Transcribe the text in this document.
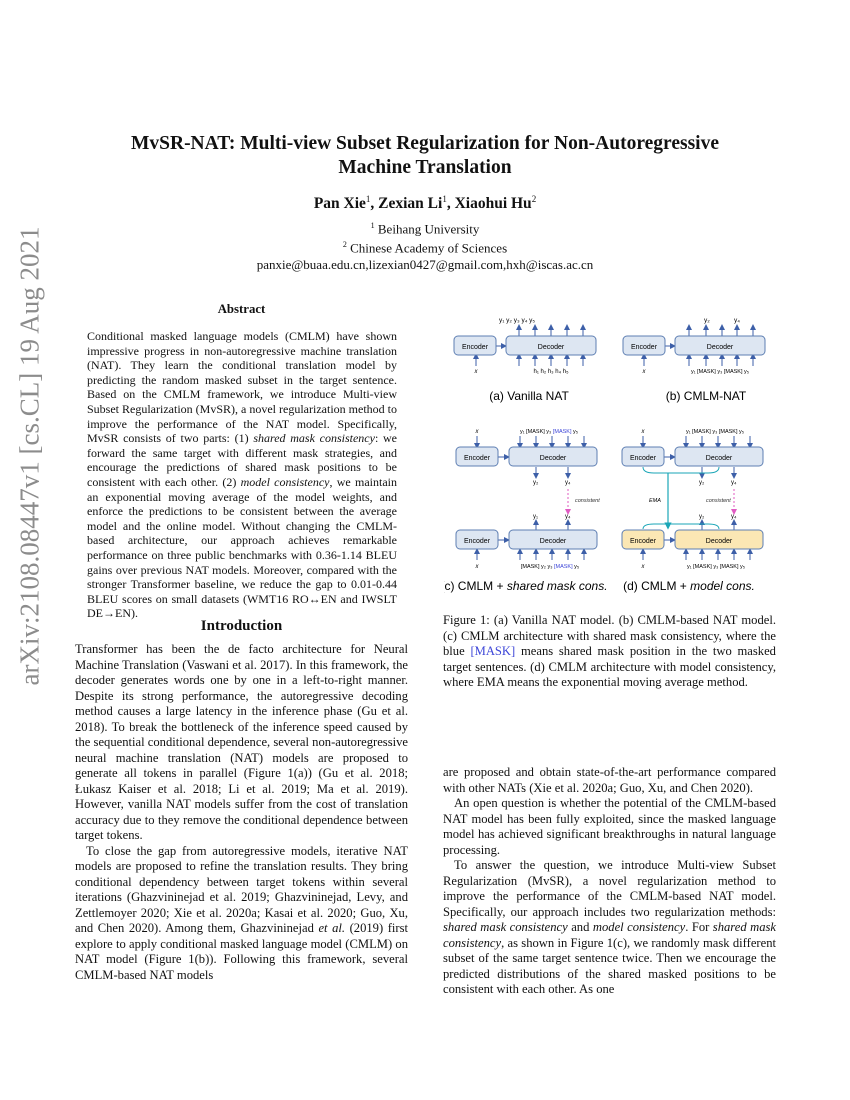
arXiv:2108.08447v1 [cs.CL] 19 Aug 2021
MvSR-NAT: Multi-view Subset Regularization for Non-Autoregressive
Machine Translation
Pan Xie$^1$, Zexian Li$^1$, Xiaohui Hu$^2$
$^1$ Beihang University
$^2$ Chinese Academy of Sciences
panxie@buaa.edu.cn,lizexian0427@gmail.com,hxh@iscas.ac.cn
Abstract
Conditional masked language models (CMLM) have shown impressive progress in non-autoregressive machine translation (NAT). They learn the conditional translation model by predicting the random masked subset in the target sentence. Based on the CMLM framework, we introduce Multi-view Subset Regularization (MvSR), a novel regularization method to improve the performance of the NAT model. Specifically, MvSR consists of two parts: (1) shared mask consistency: we forward the same target with different mask strategies, and encourage the predictions of shared mask positions to be consistent with each other. (2) model consistency, we maintain an exponential moving average of the model weights, and enforce the predictions to be consistent between the average model and the online model. Without changing the CMLM-based architecture, our approach achieves remarkable performance on three public benchmarks with 0.36-1.14 BLEU gains over previous NAT models. Moreover, compared with the stronger Transformer baseline, we reduce the gap to 0.01-0.44 BLEU scores on small datasets (WMT16 RO↔EN and IWSLT DE→EN).
Introduction

Transformer has been the de facto architecture for Neural Machine Translation (Vaswani et al. 2017). In this framework, the decoder generates words one by one in a left-to-right manner. Despite its strong performance, the autoregressive decoding method causes a large latency in the inference phase (Gu et al. 2018). To break the bottleneck of the inference speed caused by the sequential conditional dependence, several non-autoregressive neural machine translation (NAT) models are proposed to generate all tokens in parallel (Figure 1(a)) (Gu et al. 2018; Łukasz Kaiser et al. 2018; Li et al. 2019; Ma et al. 2019). However, vanilla NAT models suffer from the cost of translation accuracy due to they remove the conditional dependence between target tokens.

To close the gap from autoregressive models, iterative NAT models are proposed to refine the translation results. They bring conditional dependency between target tokens within several iterations (Ghazvininejad et al. 2019; Ghazvininejad, Levy, and Zettlemoyer 2020; Xie et al. 2020a; Kasai et al. 2020; Guo, Xu, and Chen 2020). Among them, Ghazvininejad et al. (2019) first explore to apply conditional masked language model (CMLM) on NAT model (Figure 1(b)). Following this framework, several CMLM-based NAT models

y₁ y₂ y₃ y₄ y₅
Encoder	Decoder
x	h₁ h₂ h₃ h₄ h₅
y₂	y₄
Encoder	Decoder
x	y₁ [MASK] y₃ [MASK] y₅
(a) Vanilla NAT	(b) CMLM-NAT
x	y₁ [MASK] y₃ [MASK] y₅
Encoder	Decoder
y₂	y₄
consistent
y₁	y₄
Encoder	Decoder
x	[MASK] y₂ y₃ [MASK] y₅
x	y₁ [MASK] y₃ [MASK] y₅
Encoder	Decoder
EMA
y₂	y₄
consistent
y₂	y₄
Encoder	Decoder
x	y₁ [MASK] y₃ [MASK] y₅
(c) CMLM + shared mask cons. (d) CMLM + model cons.
Figure 1: (a) Vanilla NAT model. (b) CMLM-based NAT model. (c) CMLM architecture with shared mask consistency, where the blue [MASK] means shared mask position in the two masked target sentences. (d) CMLM architecture with model consistency, where EMA means the exponential moving average method.

are proposed and obtain state-of-the-art performance compared with other NATs (Xie et al. 2020a; Guo, Xu, and Chen 2020).

An open question is whether the potential of the CMLM-based NAT model has been fully exploited, since the masked language model has achieved significant breakthroughs in natural language processing.

To answer the question, we introduce Multi-view Subset Regularization (MvSR), a novel regularization method to improve the performance of the CMLM-based NAT model. Specifically, our approach includes two regularization methods: shared mask consistency and model consistency. For shared mask consistency, as shown in Figure 1(c), we randomly mask different subset of the same target sentence twice. Then we encourage the predicted distributions of the shared masked positions to be consistent with each other. As one
